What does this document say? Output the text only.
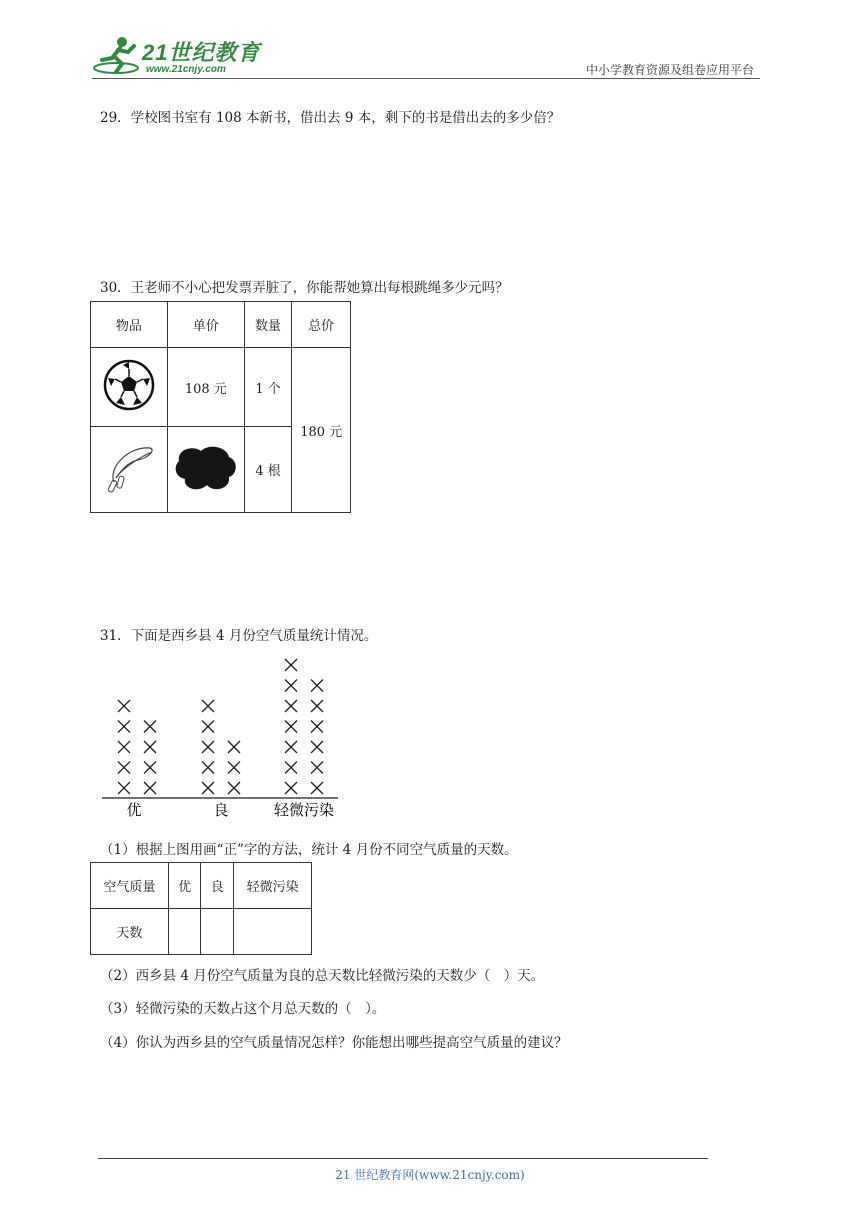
21世纪教育
www.21cnjy.com	中小学教育资源及组卷应用平台
29．学校图书室有 108 本新书，借出去 9 本，剩下的书是借出去的多少倍？
30．王老师不小心把发票弄脏了，你能帮她算出每根跳绳多少元吗？
物品	单价	数量	总价
	108 元	1 个	180 元
		4 根	
31．下面是西乡县 4 月份空气质量统计情况。
优	良	轻微污染
（1）根据上图用画“正”字的方法，统计 4 月份不同空气质量的天数。
空气质量	优	良	轻微污染
天数			
（2）西乡县 4 月份空气质量为良的总天数比轻微污染的天数少（　）天。
（3）轻微污染的天数占这个月总天数的（　）。
（4）你认为西乡县的空气质量情况怎样？你能想出哪些提高空气质量的建议？
21 世纪教育网(www.21cnjy.com)
